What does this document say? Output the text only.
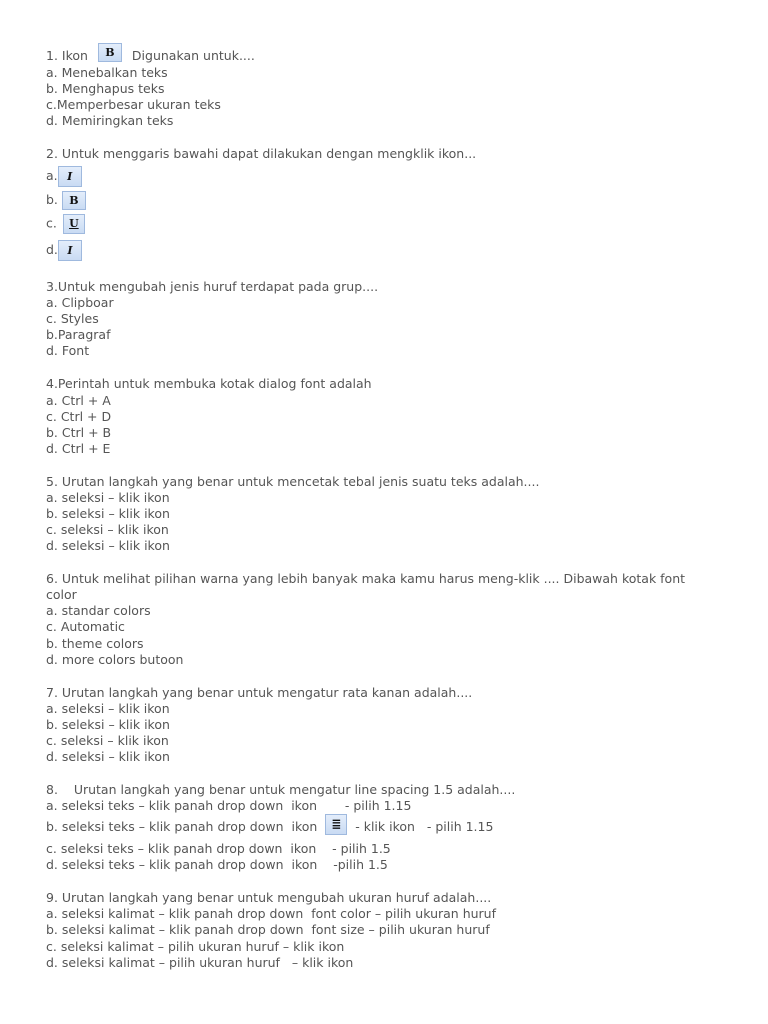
1. Ikon B Digunakan untuk....
a. Menebalkan teks
b. Menghapus teks
c.Memperbesar ukuran teks
d. Memiringkan teks
2. Untuk menggaris bawahi dapat dilakukan dengan mengklik ikon...
a. I
b. B
c. U
d. I
3.Untuk mengubah jenis huruf terdapat pada grup....
a. Clipboar
c. Styles
b.Paragraf
d. Font
4.Perintah untuk membuka kotak dialog font adalah
a. Ctrl + A
c. Ctrl + D
b. Ctrl + B
d. Ctrl + E
5. Urutan langkah yang benar untuk mencetak tebal jenis suatu teks adalah....
a. seleksi – klik ikon
b. seleksi – klik ikon
c. seleksi – klik ikon
d. seleksi – klik ikon
6. Untuk melihat pilihan warna yang lebih banyak maka kamu harus meng-klik .... Dibawah kotak font color
a. standar colors
c. Automatic
b. theme colors
d. more colors butoon
7. Urutan langkah yang benar untuk mengatur rata kanan adalah....
a. seleksi – klik ikon
b. seleksi – klik ikon
c. seleksi – klik ikon
d. seleksi – klik ikon
8.    Urutan langkah yang benar untuk mengatur line spacing 1.5 adalah....
a. seleksi teks – klik panah drop down  ikon       - pilih 1.15
b. seleksi teks – klik panah drop down  ikon ≣ - klik ikon   - pilih 1.15
c. seleksi teks – klik panah drop down  ikon    - pilih 1.5
d. seleksi teks – klik panah drop down  ikon    -pilih 1.5
9. Urutan langkah yang benar untuk mengubah ukuran huruf adalah....
a. seleksi kalimat – klik panah drop down  font color – pilih ukuran huruf
b. seleksi kalimat – klik panah drop down  font size – pilih ukuran huruf
c. seleksi kalimat – pilih ukuran huruf – klik ikon
d. seleksi kalimat – pilih ukuran huruf   – klik ikon
